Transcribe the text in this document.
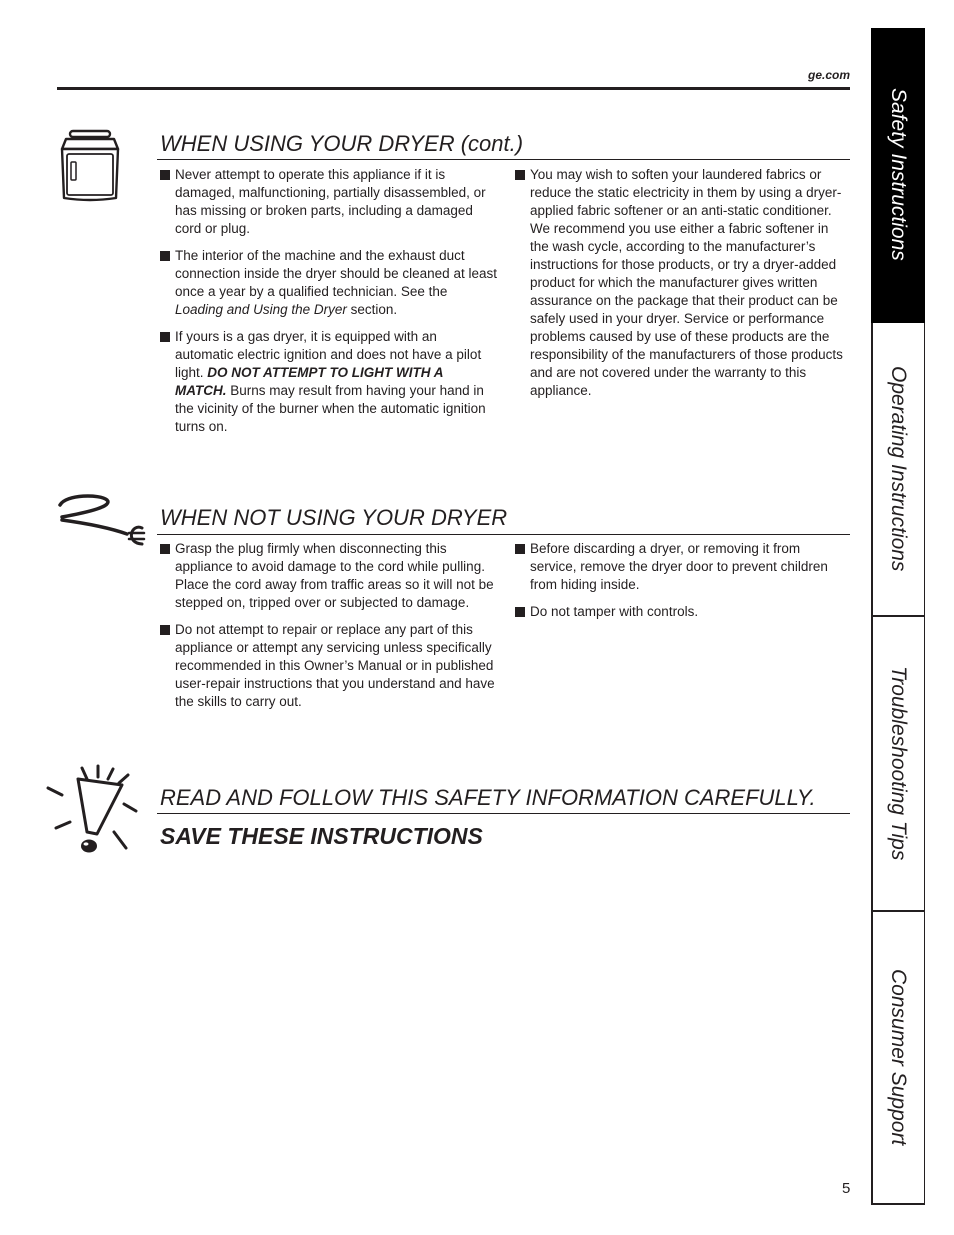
ge.com
WHEN USING YOUR DRYER (cont.)

Never attempt to operate this appliance if it is damaged, malfunctioning, partially disassembled, or has missing or broken parts, including a damaged cord or plug.

The interior of the machine and the exhaust duct connection inside the dryer should be cleaned at least once a year by a qualified technician. See the Loading and Using the Dryer section.

If yours is a gas dryer, it is equipped with an automatic electric ignition and does not have a pilot light. DO NOT ATTEMPT TO LIGHT WITH A MATCH. Burns may result from having your hand in the vicinity of the burner when the automatic ignition turns on.

You may wish to soften your laundered fabrics or reduce the static electricity in them by using a dryer-applied fabric softener or an anti-static conditioner. We recommend you use either a fabric softener in the wash cycle, according to the manufacturer’s instructions for those products, or try a dryer-added product for which the manufacturer gives written assurance on the package that their product can be safely used in your dryer. Service or performance problems caused by use of these products are the responsibility of the manufacturers of those products and are not covered under the warranty to this appliance.

WHEN NOT USING YOUR DRYER

Grasp the plug firmly when disconnecting this appliance to avoid damage to the cord while pulling. Place the cord away from traffic areas so it will not be stepped on, tripped over or subjected to damage.

Do not attempt to repair or replace any part of this appliance or attempt any servicing unless specifically recommended in this Owner’s Manual or in published user-repair instructions that you understand and have the skills to carry out.

Before discarding a dryer, or removing it from service, remove the dryer door to prevent children from hiding inside.

Do not tamper with controls.

READ AND FOLLOW THIS SAFETY INFORMATION CAREFULLY.
SAVE THESE INSTRUCTIONS
Safety Instructions
Operating Instructions
Troubleshooting Tips
Consumer Support
5
